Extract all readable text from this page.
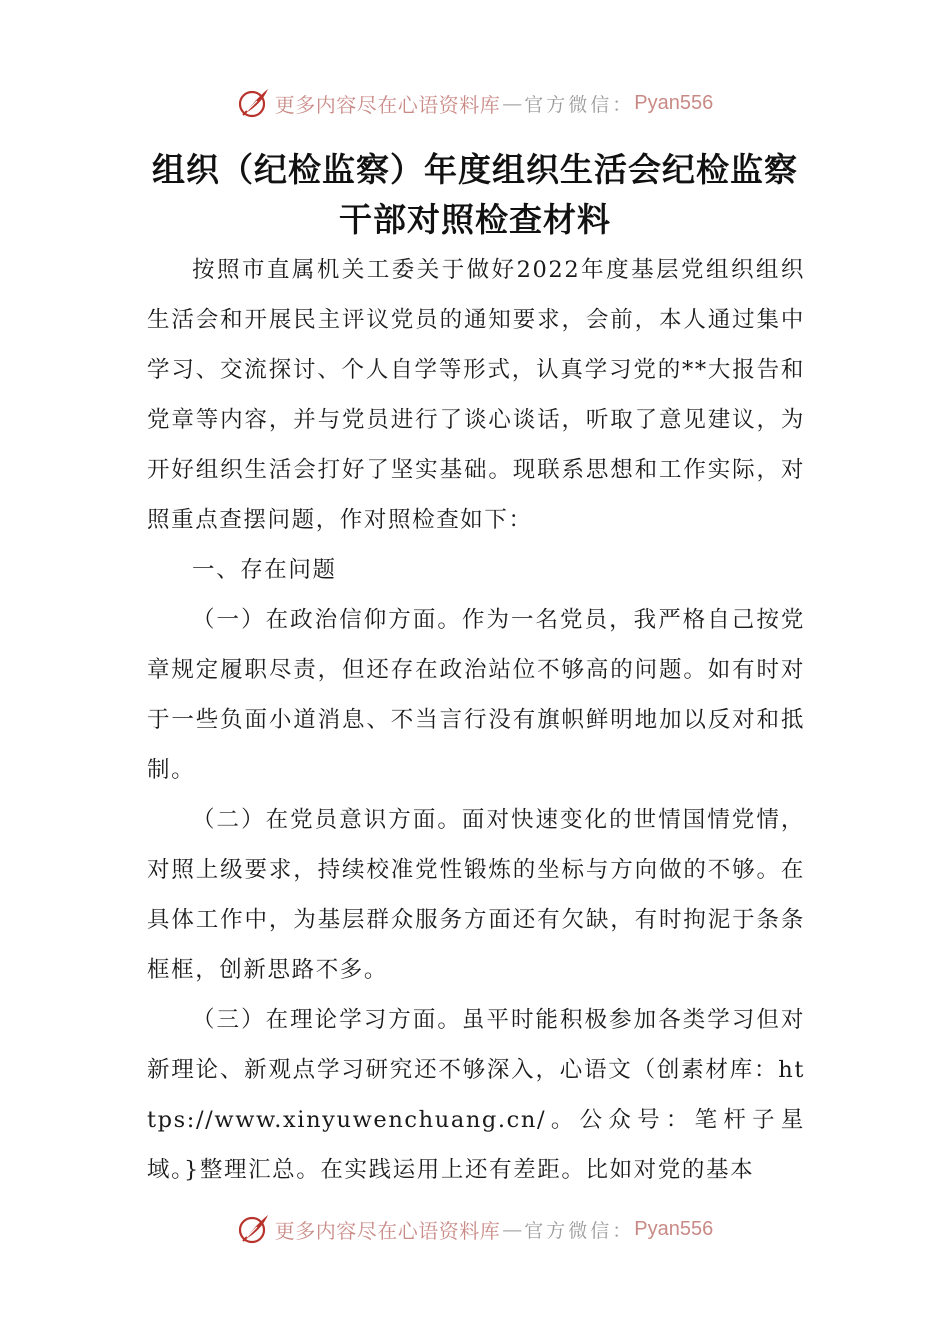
更多内容尽在心语资料库 — 官方微信： Pyan556
组织（纪检监察）年度组织生活会纪检监察干部对照检查材料

按照市直属机关工委关于做好2022年度基层党组织组织生活会和开展民主评议党员的通知要求，会前，本人通过集中学习、交流探讨、个人自学等形式，认真学习党的**大报告和党章等内容，并与党员进行了谈心谈话，听取了意见建议，为开好组织生活会打好了坚实基础。现联系思想和工作实际，对照重点查摆问题，作对照检查如下：

一、存在问题

（一）在政治信仰方面。作为一名党员，我严格自己按党章规定履职尽责，但还存在政治站位不够高的问题。如有时对于一些负面小道消息、不当言行没有旗帜鲜明地加以反对和抵制。

（二）在党员意识方面。面对快速变化的世情国情党情，对照上级要求，持续校准党性锻炼的坐标与方向做的不够。在具体工作中，为基层群众服务方面还有欠缺，有时拘泥于条条框框，创新思路不多。

（三）在理论学习方面。虽平时能积极参加各类学习但对新理论、新观点学习研究还不够深入，心语文（创素材库：https://www.xinyuwenchuang.cn/。公众号：笔杆子星域。}整理汇总。在实践运用上还有差距。比如对党的基本

更多内容尽在心语资料库 — 官方微信： Pyan556
